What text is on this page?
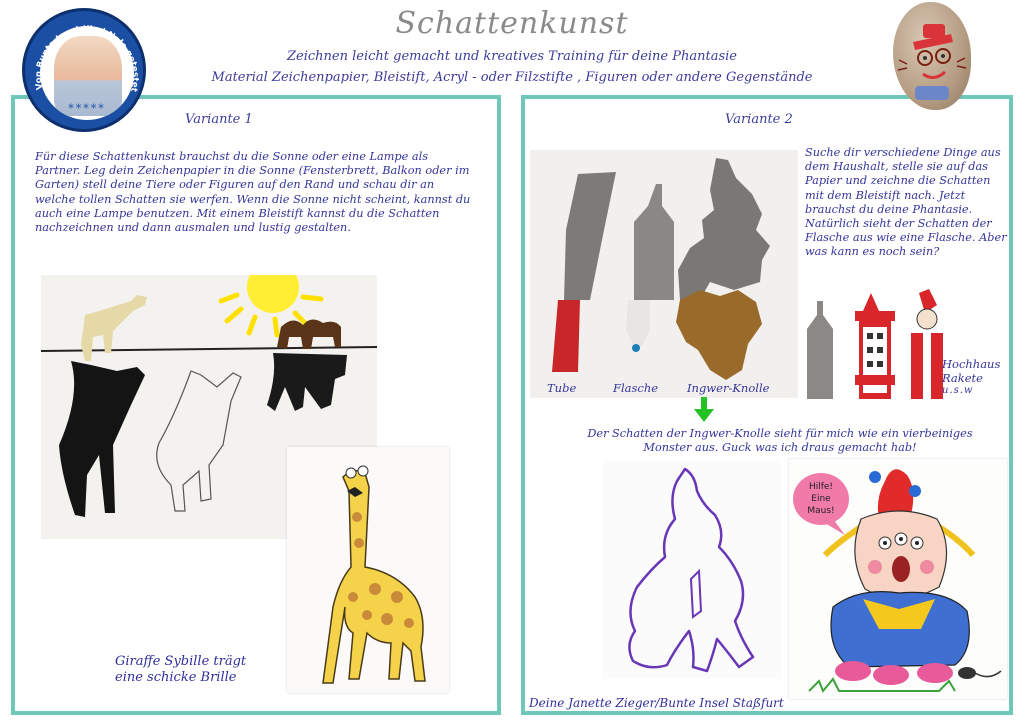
Schattenkunst
Zeichnen leicht gemacht und kreatives Training für deine Phantasie
Material Zeichenpapier, Bleistift, Acryl - oder Filzstifte , Figuren oder andere Gegenstände
*****
Von Bunte-Insel-Kind Nele getestet
Variante 1
Für diese Schattenkunst brauchst du die Sonne oder eine Lampe als Partner. Leg dein Zeichenpapier in die Sonne (Fensterbrett, Balkon oder im Garten) stell deine Tiere oder Figuren auf den Rand und schau dir an welche tollen Schatten sie werfen. Wenn die Sonne nicht scheint, kannst du auch eine Lampe benutzen. Mit einem Bleistift kannst du die Schatten nachzeichnen und dann ausmalen und lustig gestalten.
Giraffe Sybille trägt
eine schicke Brille
Variante 2
Tube	Flasche	Ingwer-Knolle
Suche dir verschiedene Dinge aus dem Haushalt, stelle sie auf das Papier und zeichne die Schatten mit dem Bleistift nach. Jetzt brauchst du deine Phantasie. Natürlich sieht der Schatten der Flasche aus wie eine Flasche. Aber was kann es noch sein?
Hochhaus
Rakete
u.s.w
Der Schatten der Ingwer-Knolle sieht für mich wie ein vierbeiniges Monster aus. Guck was ich draus gemacht hab!
Hilfe!
Eine
Maus!
Deine Janette Zieger/Bunte Insel Staßfurt
